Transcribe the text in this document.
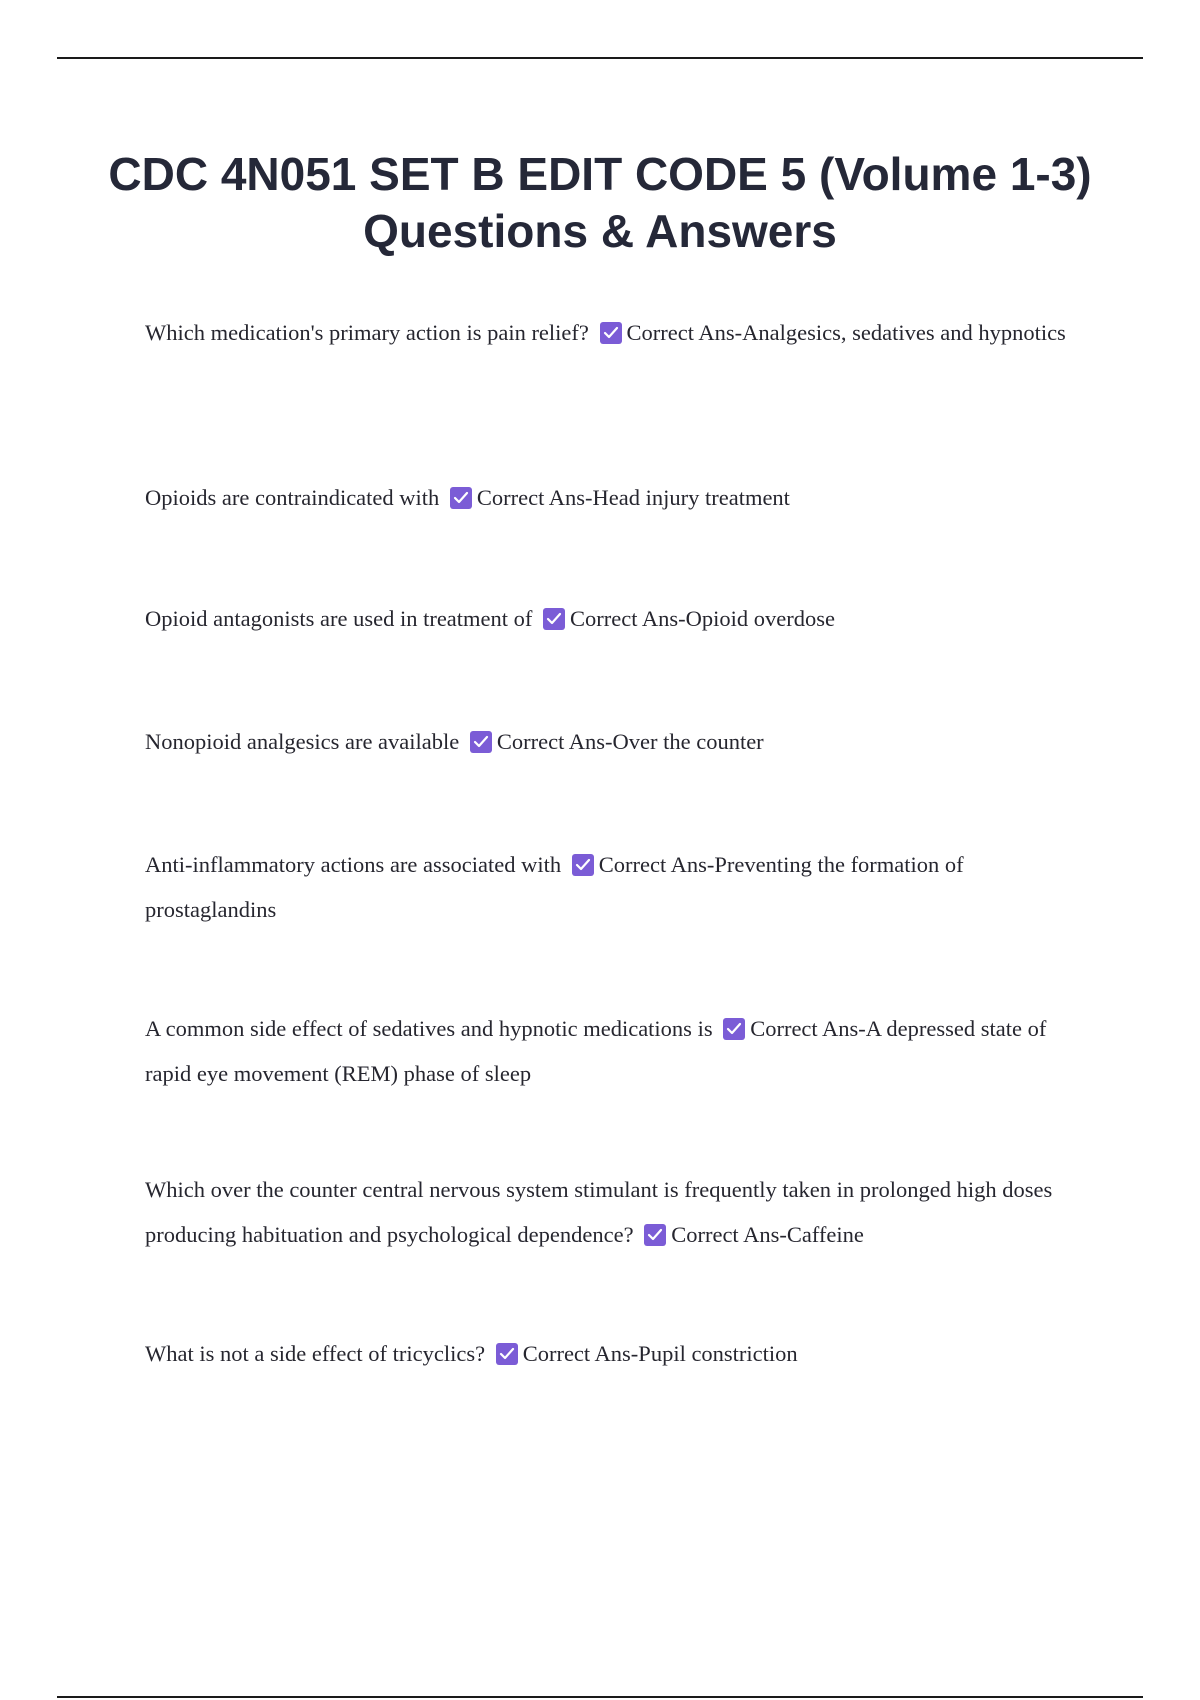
CDC 4N051 SET B EDIT CODE 5 (Volume 1-3) Questions & Answers

Which medication's primary action is pain relief? Correct Ans-Analgesics, sedatives and hypnotics

Opioids are contraindicated with Correct Ans-Head injury treatment

Opioid antagonists are used in treatment of Correct Ans-Opioid overdose

Nonopioid analgesics are available Correct Ans-Over the counter

Anti-inflammatory actions are associated with Correct Ans-Preventing the formation of prostaglandins

A common side effect of sedatives and hypnotic medications is Correct Ans-A depressed state of rapid eye movement (REM) phase of sleep

Which over the counter central nervous system stimulant is frequently taken in prolonged high doses producing habituation and psychological dependence? Correct Ans-Caffeine

What is not a side effect of tricyclics? Correct Ans-Pupil constriction
